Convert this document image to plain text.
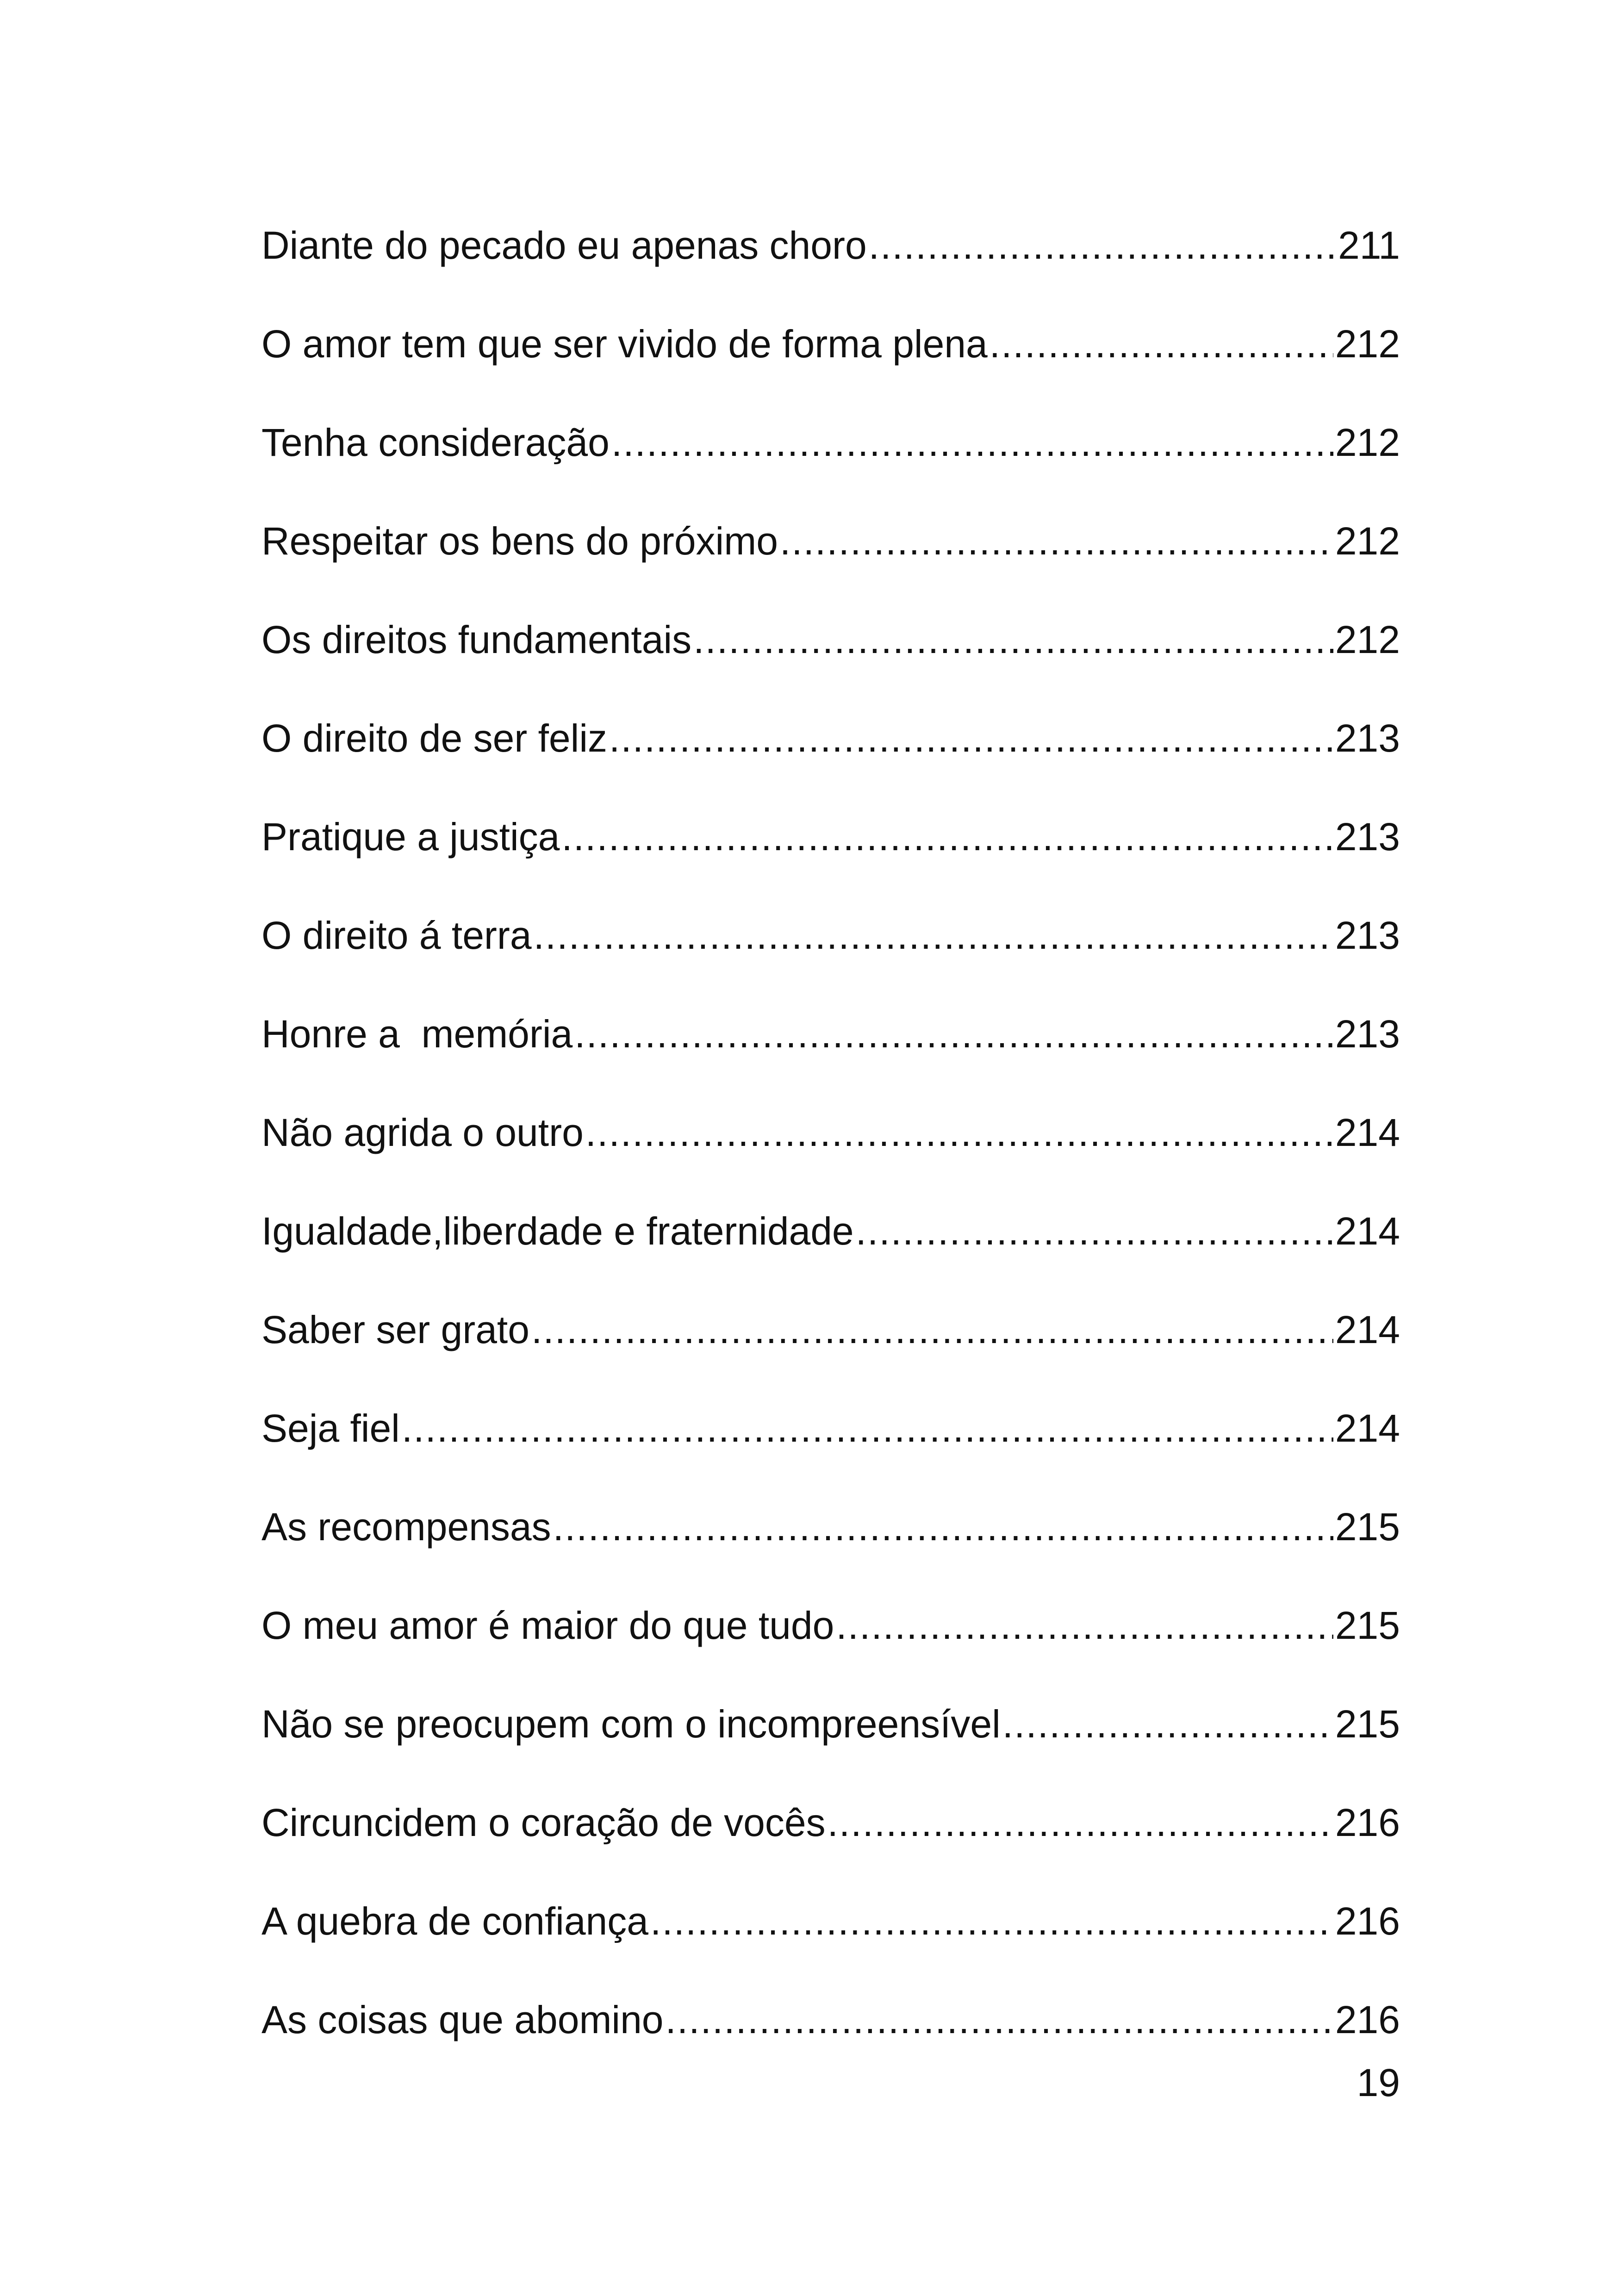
Diante do pecado eu apenas choro .....	211
O amor tem que ser vivido de forma plena .....	212
Tenha consideração .....	212
Respeitar os bens do próximo .....	212
Os direitos fundamentais .....	212
O direito de ser feliz .....	213
Pratique a justiça .....	213
O direito á terra .....	213
Honre a  memória .....	213
Não agrida o outro .....	214
Igualdade,liberdade e fraternidade .....	214
Saber ser grato .....	214
Seja fiel .....	214
As recompensas .....	215
O meu amor é maior do que tudo .....	215
Não se preocupem com o incompreensível .....	215
Circuncidem o coração de vocês .....	216
A quebra de confiança .....	216
As coisas que abomino .....	216
19
